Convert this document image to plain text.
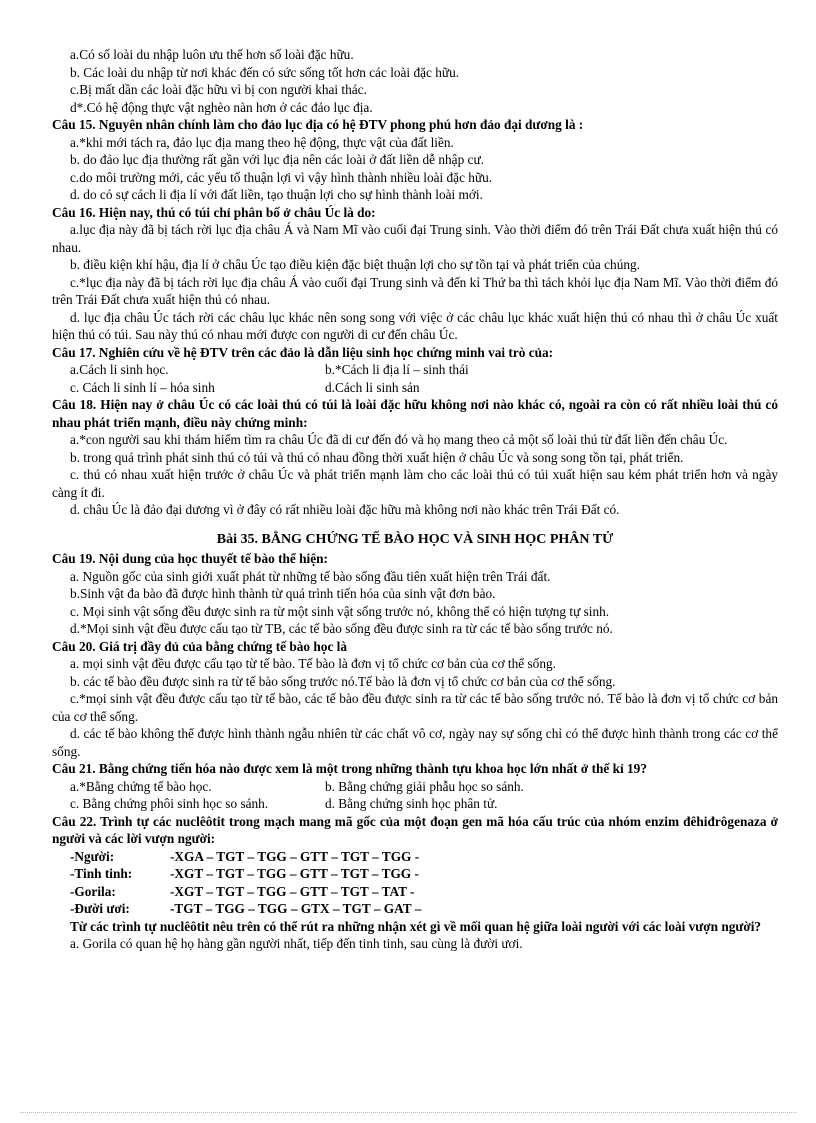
a.Có số loài du nhập luôn ưu thế hơn số loài đặc hữu.
b. Các loài du nhập từ nơi khác đến có sức sống tốt hơn các loài đặc hữu.
c.Bị mất dần các loài đặc hữu vì bị con người khai thác.
d*.Có hệ động thực vật nghèo nàn hơn ở các đảo lục địa.
Câu 15. Nguyên nhân chính làm cho đảo lục địa có hệ ĐTV phong phú hơn đảo đại dương là :
a.*khi mới tách ra, đảo lục địa mang theo hệ động, thực vật của đất liền.
b. do đảo lục địa thường rất gần với lục địa nên các loài ở đất liền dễ nhập cư.
c.do môi trường mới, các yếu tố thuận lợi vì vậy hình thành nhiều loài đặc hữu.
d. do có sự cách li địa lí với đất liền, tạo thuận lợi cho sự hình thành loài mới.
Câu 16. Hiện nay, thú có túi chỉ phân bố ở châu Úc là do:
a.lục địa này đã bị tách rời lục địa châu Á và Nam Mĩ vào cuối đại Trung sinh. Vào thời điểm đó trên Trái Đất chưa xuất hiện thú có nhau.
b. điều kiện khí hậu, địa lí ở châu Úc tạo điều kiện đặc biệt thuận lợi cho sự tồn tại và phát triển của chúng.
c.*lục địa này đã bị tách rời lục địa châu Á vào cuối đại Trung sinh và đến kỉ Thứ ba thì tách khỏi lục địa Nam Mĩ. Vào thời điểm đó trên Trái Đất chưa xuất hiện thú có nhau.
d. lục địa châu Úc tách rời các châu lục khác nên song song với việc ở các châu lục khác xuất hiện thú có nhau thì ở châu Úc xuất hiện thú có túi. Sau này thú có nhau mới được con người di cư đến châu Úc.
Câu 17. Nghiên cứu về hệ ĐTV trên các đảo là dẫn liệu sinh học chứng minh vai trò của:
a.Cách li sinh học.	b.*Cách li địa lí – sinh thái
c. Cách li sinh lí – hóa sinh	d.Cách li sinh sản
Câu 18. Hiện nay ở châu Úc có các loài thú có túi là loài đặc hữu không nơi nào khác có, ngoài ra còn có rất nhiều loài thú có nhau phát triển mạnh, điều này chứng minh:
a.*con người sau khi thám hiểm tìm ra châu Úc đã di cư đến đó và họ mang theo cả một số loài thú từ đất liền đến châu Úc.
b. trong quá trình phát sinh thú có túi và thú có nhau đồng thời xuất hiện ở châu Úc và song song tồn tại, phát triển.
c. thú có nhau xuất hiện trước ở châu Úc và phát triển mạnh làm cho các loài thú có túi xuất hiện sau kém phát triển hơn và ngày càng ít đi.
d. châu Úc là đảo đại dương vì ở đây có rất nhiều loài đặc hữu mà không nơi nào khác trên Trái Đất có.
Bài 35. BẰNG CHỨNG TẾ BÀO HỌC VÀ SINH HỌC PHÂN TỬ
Câu 19. Nội dung của học thuyết tế bào thể hiện:
a. Nguồn gốc của sinh giới xuất phát từ những tế bào sống đầu tiên xuất hiện trên Trái đất.
b.Sinh vật đa bào đã được hình thành từ quá trình tiến hóa của sinh vật đơn bào.
c. Mọi sinh vật sống đều được sinh ra từ một sinh vật sống trước nó, không thể có hiện tượng tự sinh.
d.*Mọi sinh vật đều được cấu tạo từ TB, các tế bào sống đều được sinh ra từ các tế bào sống trước nó.
Câu 20. Giá trị đầy đủ của bằng chứng tế bào học là
a. mọi sinh vật đều được cấu tạo từ tế bào. Tế bào là đơn vị tổ chức cơ bản của cơ thể sống.
b. các tế bào đều được sinh ra từ tế bào sống trước nó.Tế bào là đơn vị tổ chức cơ bản của cơ thể sống.
c.*mọi sinh vật đều được cấu tạo từ tế bào, các tế bào đều được sinh ra từ các tế bào sống trước nó. Tế bào là đơn vị tổ chức cơ bản của cơ thể sống.
d. các tế bào không thể được hình thành ngẫu nhiên từ các chất vô cơ, ngày nay sự sống chỉ có thể được hình thành trong các cơ thể sống.
Câu 21. Bằng chứng tiến hóa nào được xem là một trong những thành tựu khoa học lớn nhất ở thế kỉ 19?
a.*Bằng chứng tế bào học.	b. Bằng chứng giải phẫu học so sánh.
c. Bằng chứng phôi sinh học so sánh.	d. Bằng chứng sinh học phân tử.
Câu 22. Trình tự các nuclêôtit trong mạch mang mã gốc của một đoạn gen mã hóa cấu trúc của nhóm enzim đêhiđrôgenaza ở người và các lời vượn người:
-Người:	-XGA – TGT – TGG – GTT – TGT – TGG -
-Tinh tinh:	-XGT – TGT – TGG – GTT – TGT – TGG -
-Gorila:	-XGT – TGT – TGG – GTT – TGT – TAT -
-Đười ươi:	-TGT – TGG – TGG – GTX – TGT – GAT –
Từ các trình tự nuclêôtit nêu trên có thể rút ra những nhận xét gì về mối quan hệ giữa loài người với các loài vượn người?
a. Gorila có quan hệ họ hàng gần người nhất, tiếp đến tinh tinh, sau cùng là đười ươi.
